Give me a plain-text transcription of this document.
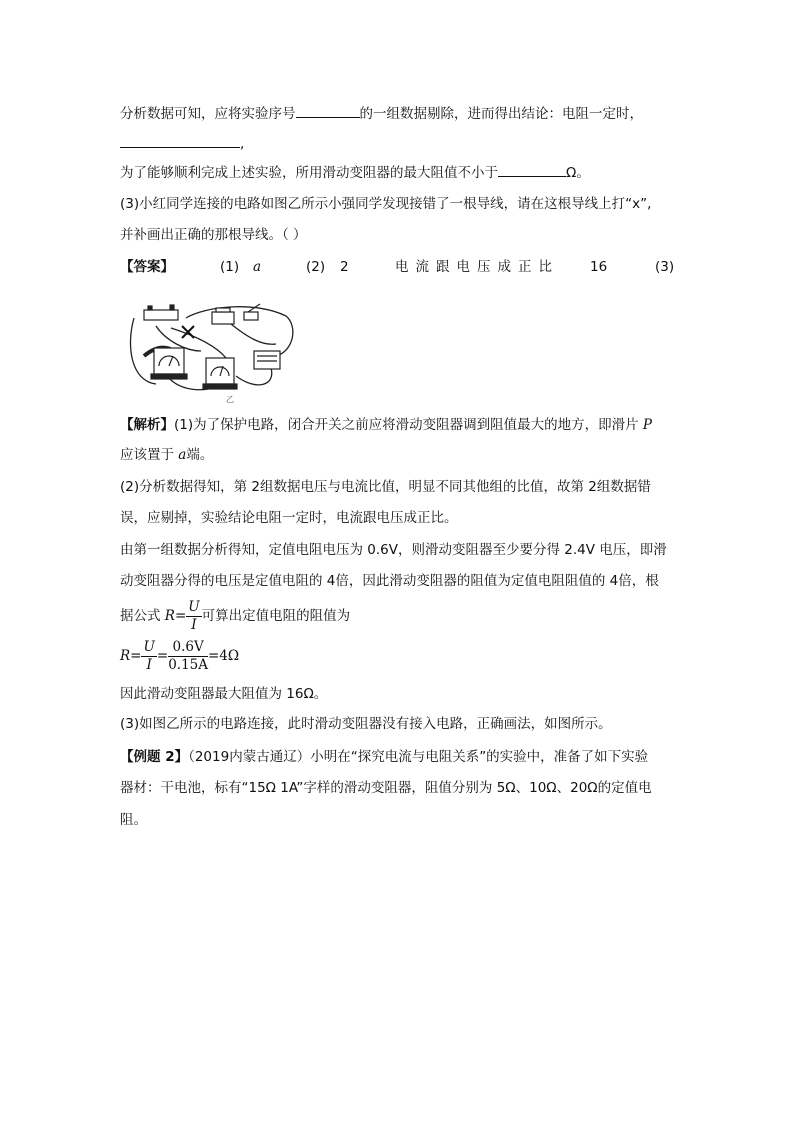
分析数据可知，应将实验序号	的一组数据剔除，进而得出结论：电阻一定时，
,
为了能够顺利完成上述实验，所用滑动变阻器的最大阻值不小于	Ω。
(3)小红同学连接的电路如图乙所示小强同学发现接错了一根导线，请在这根导线上打“x”,
并补画出正确的那根导线。（ ）
【答案】	(1) a	(2) 2	电流跟电压成正比 16	(3)
乙
【解析】(1)为了保护电路，闭合开关之前应将滑动变阻器调到阻值最大的地方，即滑片 P
应该置于 a端。
(2)分析数据得知，第 2组数据电压与电流比值，明显不同其他组的比值，故第 2组数据错
误，应剔掉，实验结论电阻一定时，电流跟电压成正比。
由第一组数据分析得知，定值电阻电压为 0.6V，则滑动变阻器至少要分得 2.4V 电压，即滑
动变阻器分得的电压是定值电阻的 4倍，因此滑动变阻器的阻值为定值电阻阻值的 4倍，根
据公式 $R= \frac{U}{I}$ 可算出定值电阻的阻值为
$R= \frac{U}{I} = \frac{0.6V}{0.15A} =4\Omega$
因此滑动变阻器最大阻值为 16Ω。
(3)如图乙所示的电路连接，此时滑动变阻器没有接入电路，正确画法，如图所示。
【例题 2】（2019内蒙古通辽）小明在“探究电流与电阻关系”的实验中，准备了如下实验
器材：干电池，标有“15Ω 1A”字样的滑动变阻器，阻值分别为 5Ω、10Ω、20Ω的定值电
阻。
